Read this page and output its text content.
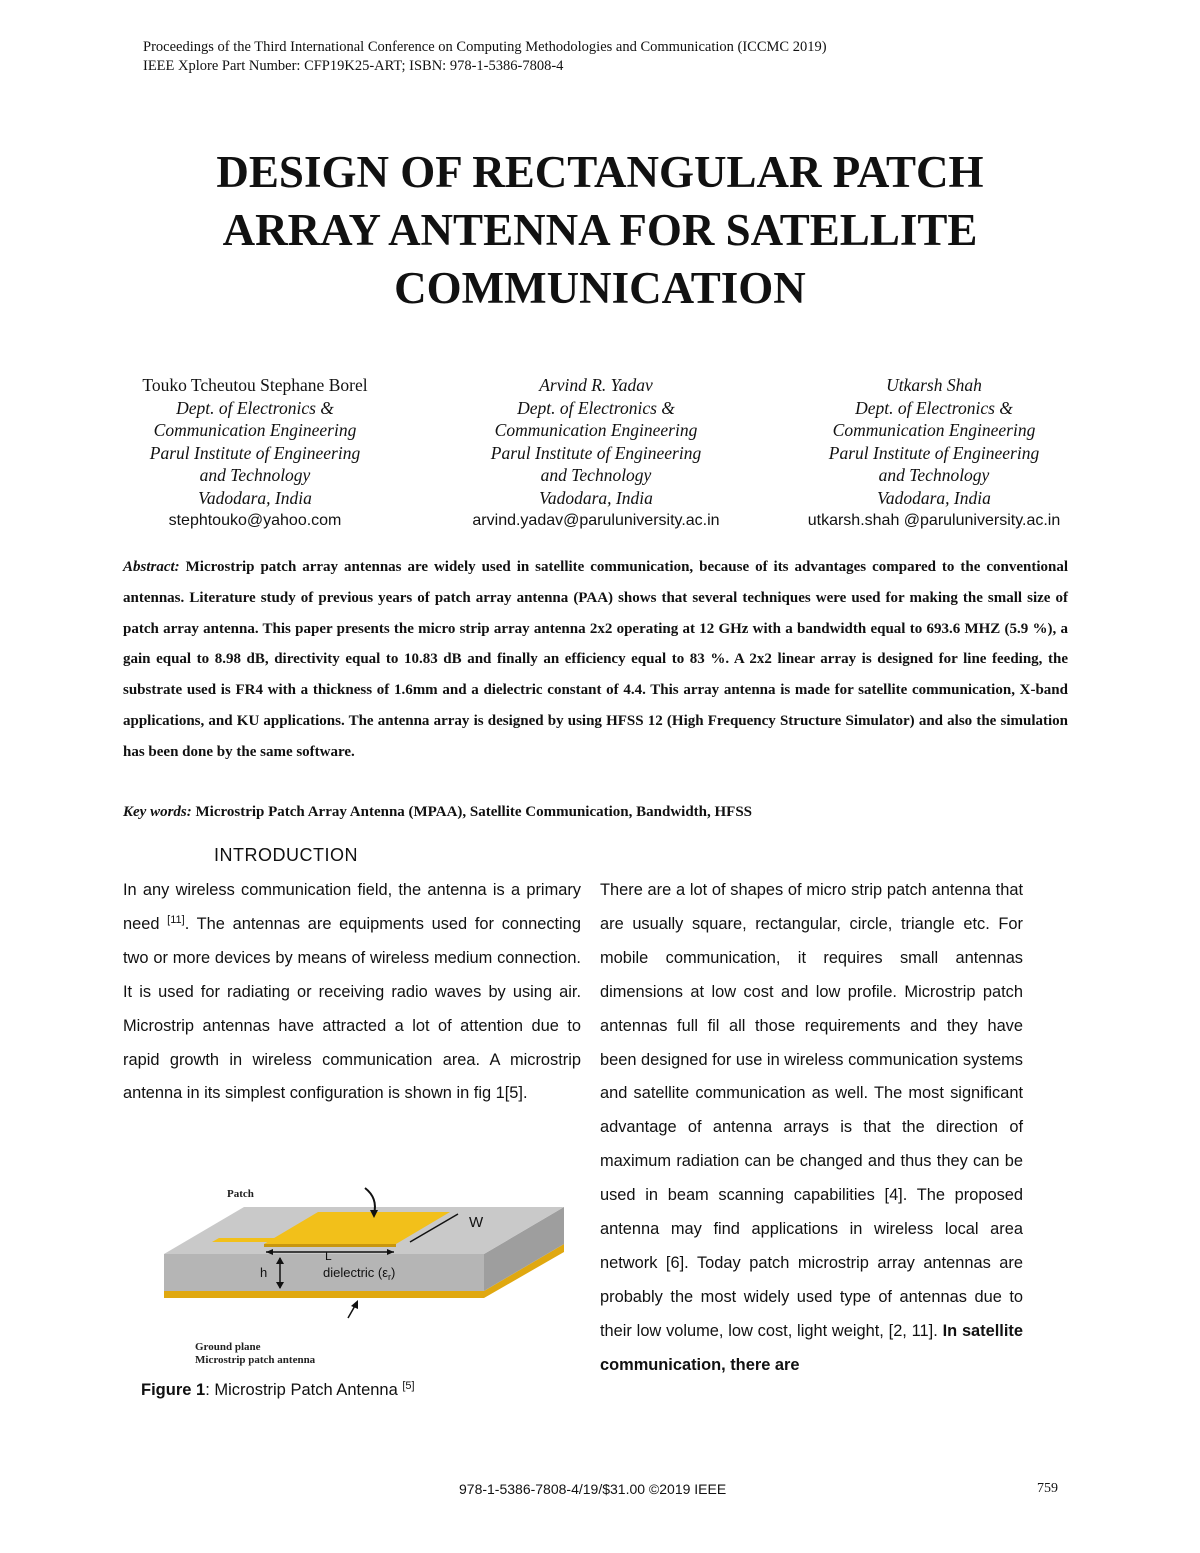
Proceedings of the Third International Conference on Computing Methodologies and Communication (ICCMC 2019)
IEEE Xplore Part Number: CFP19K25-ART; ISBN: 978-1-5386-7808-4
DESIGN OF RECTANGULAR PATCH
ARRAY ANTENNA FOR SATELLITE
COMMUNICATION
Touko Tcheutou Stephane Borel
Dept. of Electronics &
Communication Engineering
Parul Institute of Engineering
and Technology
Vadodara, India
stephtouko@yahoo.com
Arvind R. Yadav
Dept. of Electronics &
Communication Engineering
Parul Institute of Engineering
and Technology
Vadodara, India
arvind.yadav@paruluniversity.ac.in
Utkarsh Shah
Dept. of Electronics &
Communication Engineering
Parul Institute of Engineering
and Technology
Vadodara, India
utkarsh.shah @paruluniversity.ac.in
Abstract: Microstrip patch array antennas are widely used in satellite communication, because of its advantages compared to the conventional antennas. Literature study of previous years of patch array antenna (PAA) shows that several techniques were used for making the small size of patch array antenna. This paper presents the micro strip array antenna 2x2 operating at 12 GHz with a bandwidth equal to 693.6 MHZ (5.9 %), a gain equal to 8.98 dB, directivity equal to 10.83 dB and finally an efficiency equal to 83 %. A 2x2 linear array is designed for line feeding, the substrate used is FR4 with a thickness of 1.6mm and a dielectric constant of 4.4. This array antenna is made for satellite communication, X-band applications, and KU applications. The antenna array is designed by using HFSS 12 (High Frequency Structure Simulator) and also the simulation has been done by the same software.
Key words: Microstrip Patch Array Antenna (MPAA), Satellite Communication, Bandwidth, HFSS
INTRODUCTION
In any wireless communication field, the antenna is a primary need [11]. The antennas are equipments used for connecting two or more devices by means of wireless medium connection. It is used for radiating or receiving radio waves by using air. Microstrip antennas have attracted a lot of attention due to rapid growth in wireless communication area. A microstrip antenna in its simplest configuration is shown in fig 1[5].
Patch
L
W
h	dielectric $(\varepsilon_r)$
Ground plane
Microstrip patch antenna
Figure 1: Microstrip Patch Antenna [5]
There are a lot of shapes of micro strip patch antenna that are usually square, rectangular, circle, triangle etc. For mobile communication, it requires small antennas dimensions at low cost and low profile. Microstrip patch antennas full fil all those requirements and they have been designed for use in wireless communication systems and satellite communication as well. The most significant advantage of antenna arrays is that the direction of maximum radiation can be changed and thus they can be used in beam scanning capabilities [4]. The proposed antenna may find applications in wireless local area network [6]. Today patch microstrip array antennas are probably the most widely used type of antennas due to their low volume, low cost, light weight, [2, 11]. In satellite communication, there are
978-1-5386-7808-4/19/$31.00 ©2019 IEEE	759
